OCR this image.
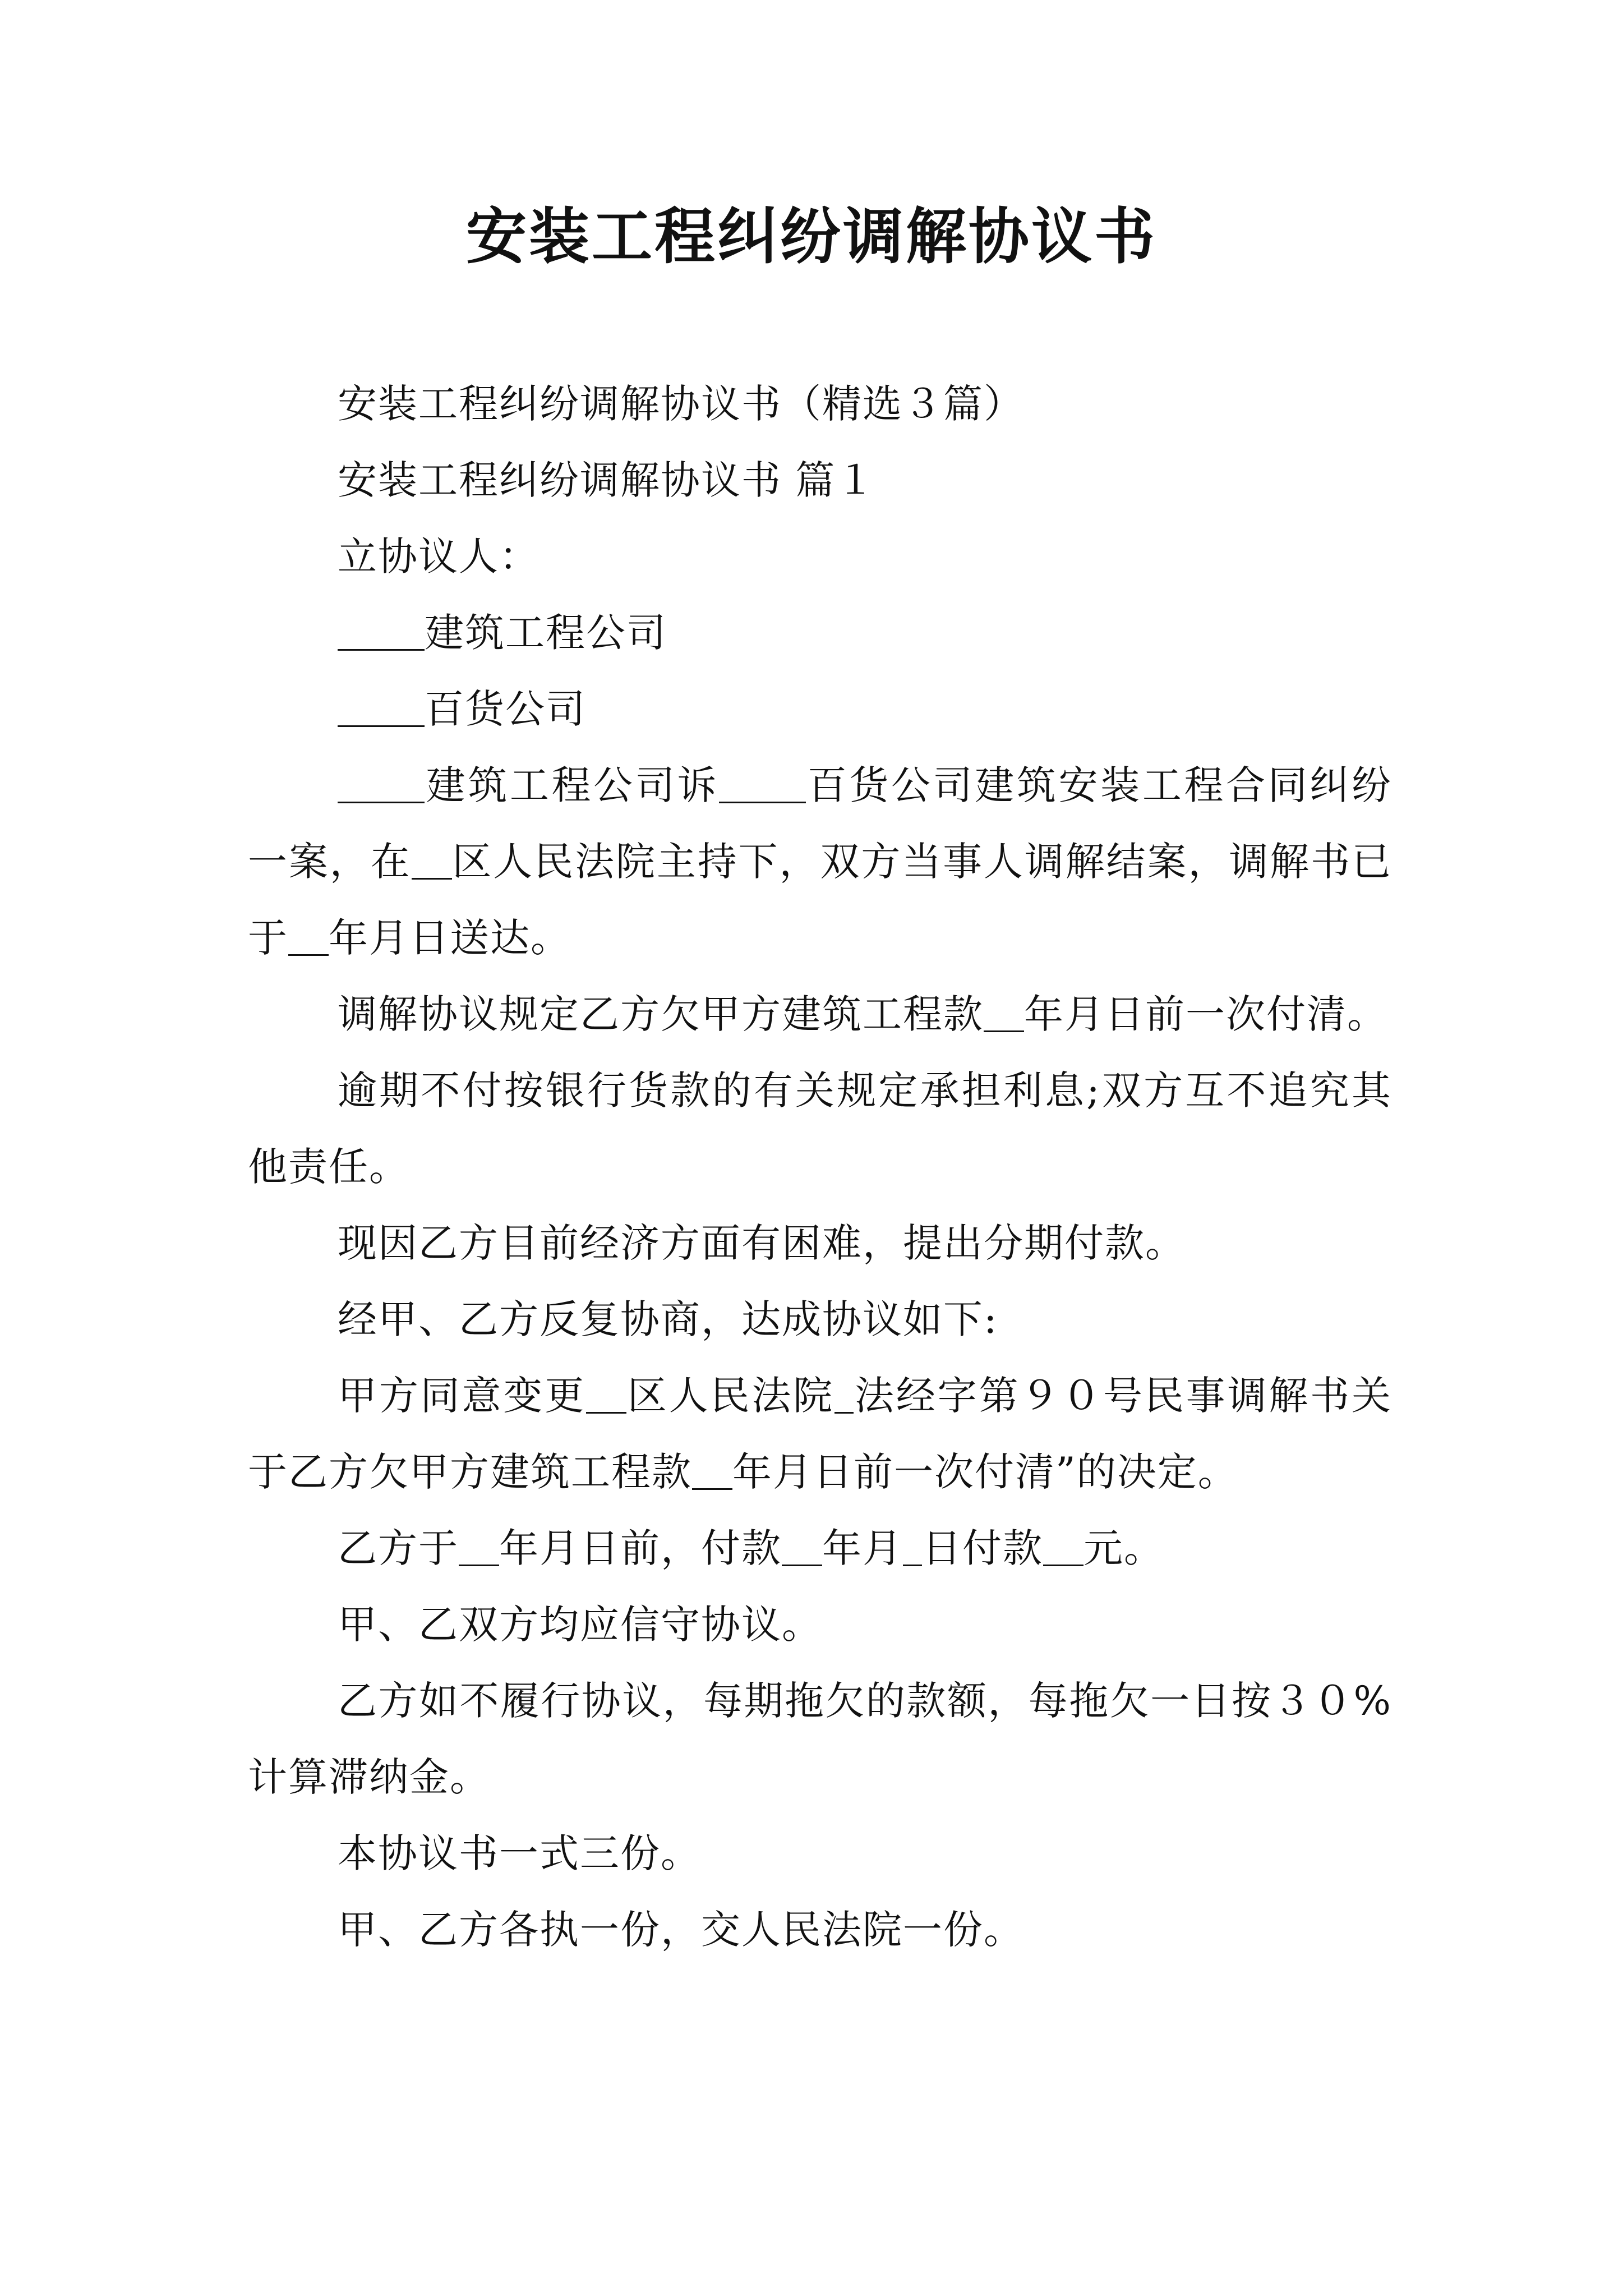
安装工程纠纷调解协议书

安装工程纠纷调解协议书（精选３篇）

安装工程纠纷调解协议书 篇１

立协议人：

建筑工程公司

百货公司

建筑工程公司诉 百货公司建筑安装工程合同纠纷一案，在 区人民法院主持下，双方当事人调解结案，调解书已于 年月日送达。

调解协议规定乙方欠甲方建筑工程款 年月日前一次付清。

逾期不付按银行货款的有关规定承担利息;双方互不追究其他责任。

现因乙方目前经济方面有困难，提出分期付款。

经甲、乙方反复协商，达成协议如下:

甲方同意变更 区人民法院 法经字第９０号民事调解书关于乙方欠甲方建筑工程款 年月日前一次付清”的决定。

乙方于 年月日前，付款 年月 日付款 元。

甲、乙双方均应信守协议。

乙方如不履行协议，每期拖欠的款额，每拖欠一日按３０%计算滞纳金。

本协议书一式三份。

甲、乙方各执一份，交人民法院一份。
